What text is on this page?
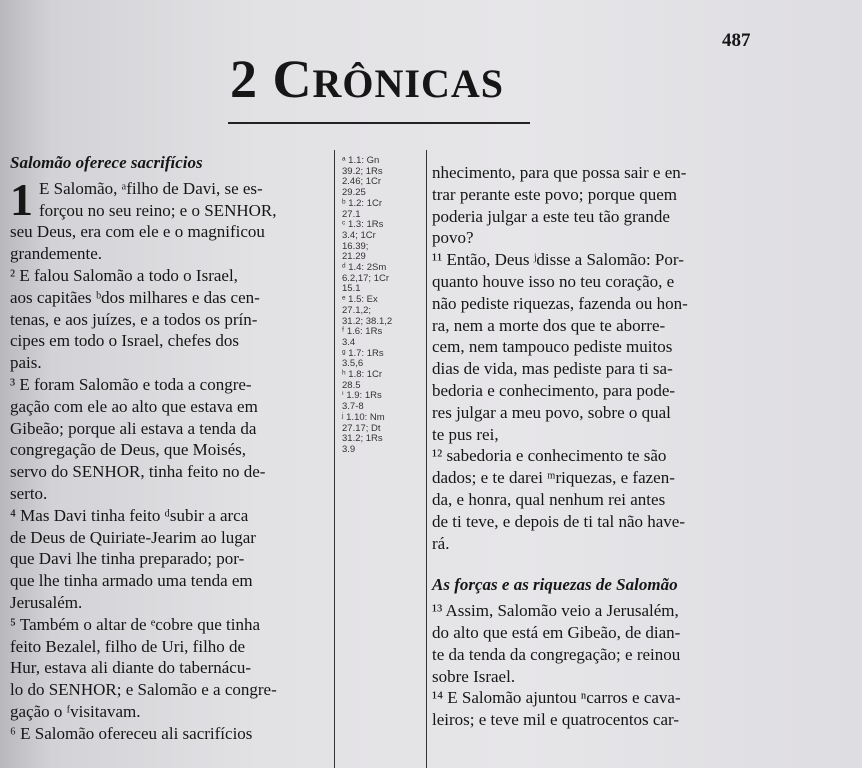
487
2 CRÔNICAS
Salomão oferece sacrifícios
1 E Salomão, ᵃfilho de Davi, se es-
forçou no seu reino; e o SENHOR,
seu Deus, era com ele e o magnificou
grandemente.
² E falou Salomão a todo o Israel,
aos capitães ᵇdos milhares e das cen-
tenas, e aos juízes, e a todos os prín-
cipes em todo o Israel, chefes dos
pais.
³ E foram Salomão e toda a congre-
gação com ele ao alto que estava em
Gibeão; porque ali estava a tenda da
congregação de Deus, que Moisés,
servo do SENHOR, tinha feito no de-
serto.
⁴ Mas Davi tinha feito ᵈsubir a arca
de Deus de Quiriate-Jearim ao lugar
que Davi lhe tinha preparado; por-
que lhe tinha armado uma tenda em
Jerusalém.
⁵ Também o altar de ᵉcobre que tinha
feito Bezalel, filho de Uri, filho de
Hur, estava ali diante do tabernácu-
lo do SENHOR; e Salomão e a congre-
gação o ᶠvisitavam.
⁶ E Salomão ofereceu ali sacrifícios
ᵃ 1.1: Gn
39.2; 1Rs
2.46; 1Cr
29.25
ᵇ 1.2: 1Cr
27.1
ᶜ 1.3: 1Rs
3.4; 1Cr
16.39;
21.29
ᵈ 1.4: 2Sm
6.2,17; 1Cr
15.1
ᵉ 1.5: Ex
27.1,2;
31.2; 38.1,2
ᶠ 1.6: 1Rs
3.4
ᵍ 1.7: 1Rs
3.5,6
ʰ 1.8: 1Cr
28.5
ⁱ 1.9: 1Rs
3.7-8
ʲ 1.10: Nm
27.17; Dt
31.2; 1Rs
3.9
nhecimento, para que possa sair e en-
trar perante este povo; porque quem
poderia julgar a este teu tão grande
povo?
¹¹ Então, Deus ʲdisse a Salomão: Por-
quanto houve isso no teu coração, e
não pediste riquezas, fazenda ou hon-
ra, nem a morte dos que te aborre-
cem, nem tampouco pediste muitos
dias de vida, mas pediste para ti sa-
bedoria e conhecimento, para pode-
res julgar a meu povo, sobre o qual
te pus rei,
¹² sabedoria e conhecimento te são
dados; e te darei ᵐriquezas, e fazen-
da, e honra, qual nenhum rei antes
de ti teve, e depois de ti tal não have-
rá.
As forças e as riquezas de Salomão
¹³ Assim, Salomão veio a Jerusalém,
do alto que está em Gibeão, de dian-
te da tenda da congregação; e reinou
sobre Israel.
¹⁴ E Salomão ajuntou ⁿcarros e cava-
leiros; e teve mil e quatrocentos car-
